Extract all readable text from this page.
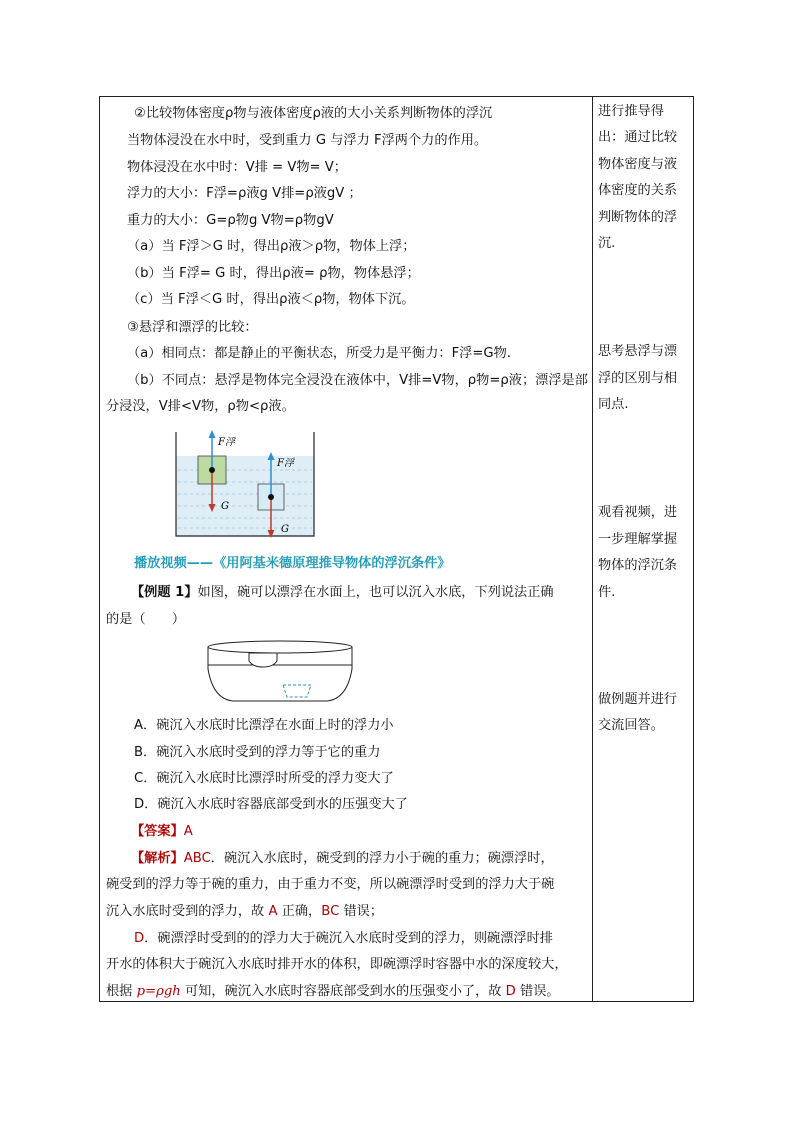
②比较物体密度ρ物与液体密度ρ液的大小关系判断物体的浮沉
当物体浸没在水中时，受到重力 G 与浮力 F浮两个力的作用。
物体浸没在水中时：V排 = V物= V；
浮力的大小：F浮=ρ液g V排=ρ液gV ；
重力的大小：G=ρ物g V物=ρ物gV
（a）当 F浮＞G 时，得出ρ液＞ρ物，物体上浮；
（b）当 F浮= G 时，得出ρ液= ρ物，物体悬浮；
（c）当 F浮＜G 时，得出ρ液＜ρ物，物体下沉。
③悬浮和漂浮的比较：
（a）相同点：都是静止的平衡状态，所受力是平衡力：F浮=G物.
（b）不同点：悬浮是物体完全浸没在液体中，V排=V物，ρ物=ρ液；漂浮是部
分浸没，V排<V物，ρ物<ρ液。
F浮
G
F浮
G
播放视频——《用阿基米德原理推导物体的浮沉条件》
【例题 1】如图，碗可以漂浮在水面上，也可以沉入水底，下列说法正确
的是（　　）
A．碗沉入水底时比漂浮在水面上时的浮力小
B．碗沉入水底时受到的浮力等于它的重力
C．碗沉入水底时比漂浮时所受的浮力变大了
D．碗沉入水底时容器底部受到水的压强变大了
【答案】A
【解析】ABC．碗沉入水底时，碗受到的浮力小于碗的重力；碗漂浮时，
碗受到的浮力等于碗的重力，由于重力不变，所以碗漂浮时受到的浮力大于碗
沉入水底时受到的浮力，故 A 正确，BC 错误；
D．碗漂浮时受到的的浮力大于碗沉入水底时受到的浮力，则碗漂浮时排
开水的体积大于碗沉入水底时排开水的体积，即碗漂浮时容器中水的深度较大，
根据 p=ρgh 可知，碗沉入水底时容器底部受到水的压强变小了，故 D 错误。
进行推导得
出：通过比较
物体密度与液
体密度的关系
判断物体的浮
沉.
思考悬浮与漂
浮的区别与相
同点.
观看视频，进
一步理解掌握
物体的浮沉条
件.
做例题并进行
交流回答。
